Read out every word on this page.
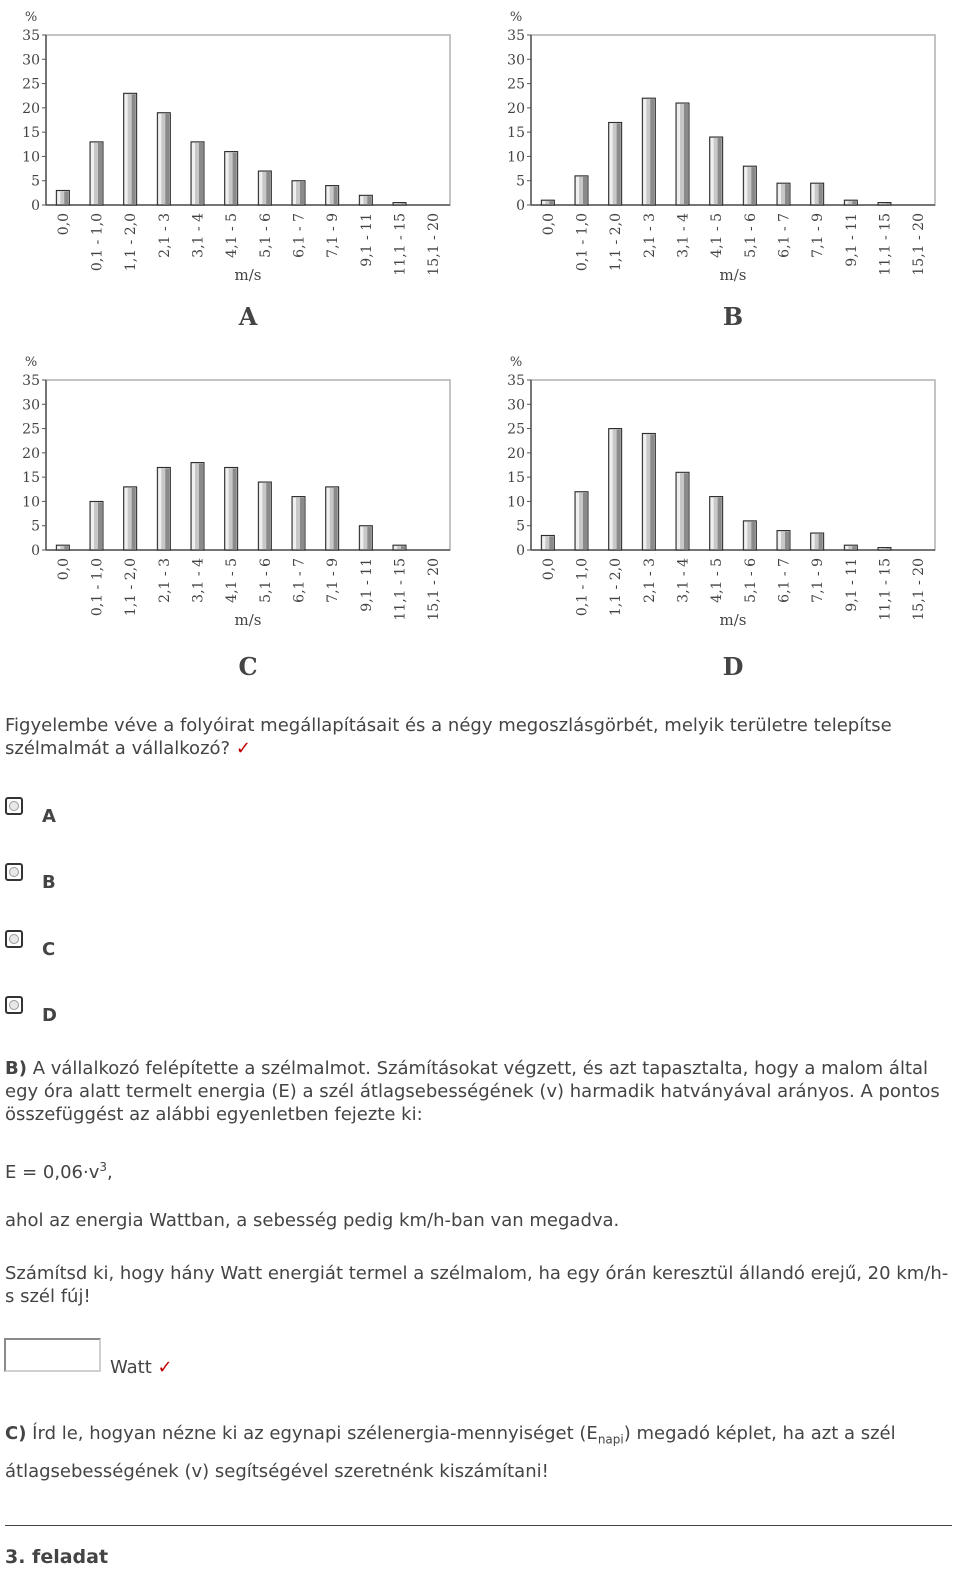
%
0
5
10
15
20
25
30
35
0,0 0,1 - 1,0 1,1 - 2,0 2,1 - 3 3,1 - 4 4,1 - 5 5,1 - 6 6,1 - 7 7,1 - 9 9,1 - 11 11,1 - 15 15,1 - 20
m/s
A
%
0
5
10
15
20
25
30
35
0,0 0,1 - 1,0 1,1 - 2,0 2,1 - 3 3,1 - 4 4,1 - 5 5,1 - 6 6,1 - 7 7,1 - 9 9,1 - 11 11,1 - 15 15,1 - 20
m/s
B
%
0
5
10
15
20
25
30
35
0,0 0,1 - 1,0 1,1 - 2,0 2,1 - 3 3,1 - 4 4,1 - 5 5,1 - 6 6,1 - 7 7,1 - 9 9,1 - 11 11,1 - 15 15,1 - 20
m/s
C
%
0
5
10
15
20
25
30
35
0,0 0,1 - 1,0 1,1 - 2,0 2,1 - 3 3,1 - 4 4,1 - 5 5,1 - 6 6,1 - 7 7,1 - 9 9,1 - 11 11,1 - 15 15,1 - 20
m/s
D

Figyelembe véve a folyóirat megállapításait és a négy megoszlásgörbét, melyik területre telepítse szélmalmát a vállalkozó? ✓

A
B
C
D

B) A vállalkozó felépítette a szélmalmot. Számításokat végzett, és azt tapasztalta, hogy a malom által egy óra alatt termelt energia (E) a szél átlagsebességének (v) harmadik hatványával arányos. A pontos összefüggést az alábbi egyenletben fejezte ki:

$E = 0,06\cdot v^3$,

ahol az energia Wattban, a sebesség pedig km/h-ban van megadva.

Számítsd ki, hogy hány Watt energiát termel a szélmalom, ha egy órán keresztül állandó erejű, 20 km/h-s szél fúj!

Watt ✓

C) Írd le, hogyan nézne ki az egynapi szélenergia-mennyiséget $(E_{napi})$ megadó képlet, ha azt a szél átlagsebességének (v) segítségével szeretnénk kiszámítani!

3. feladat
